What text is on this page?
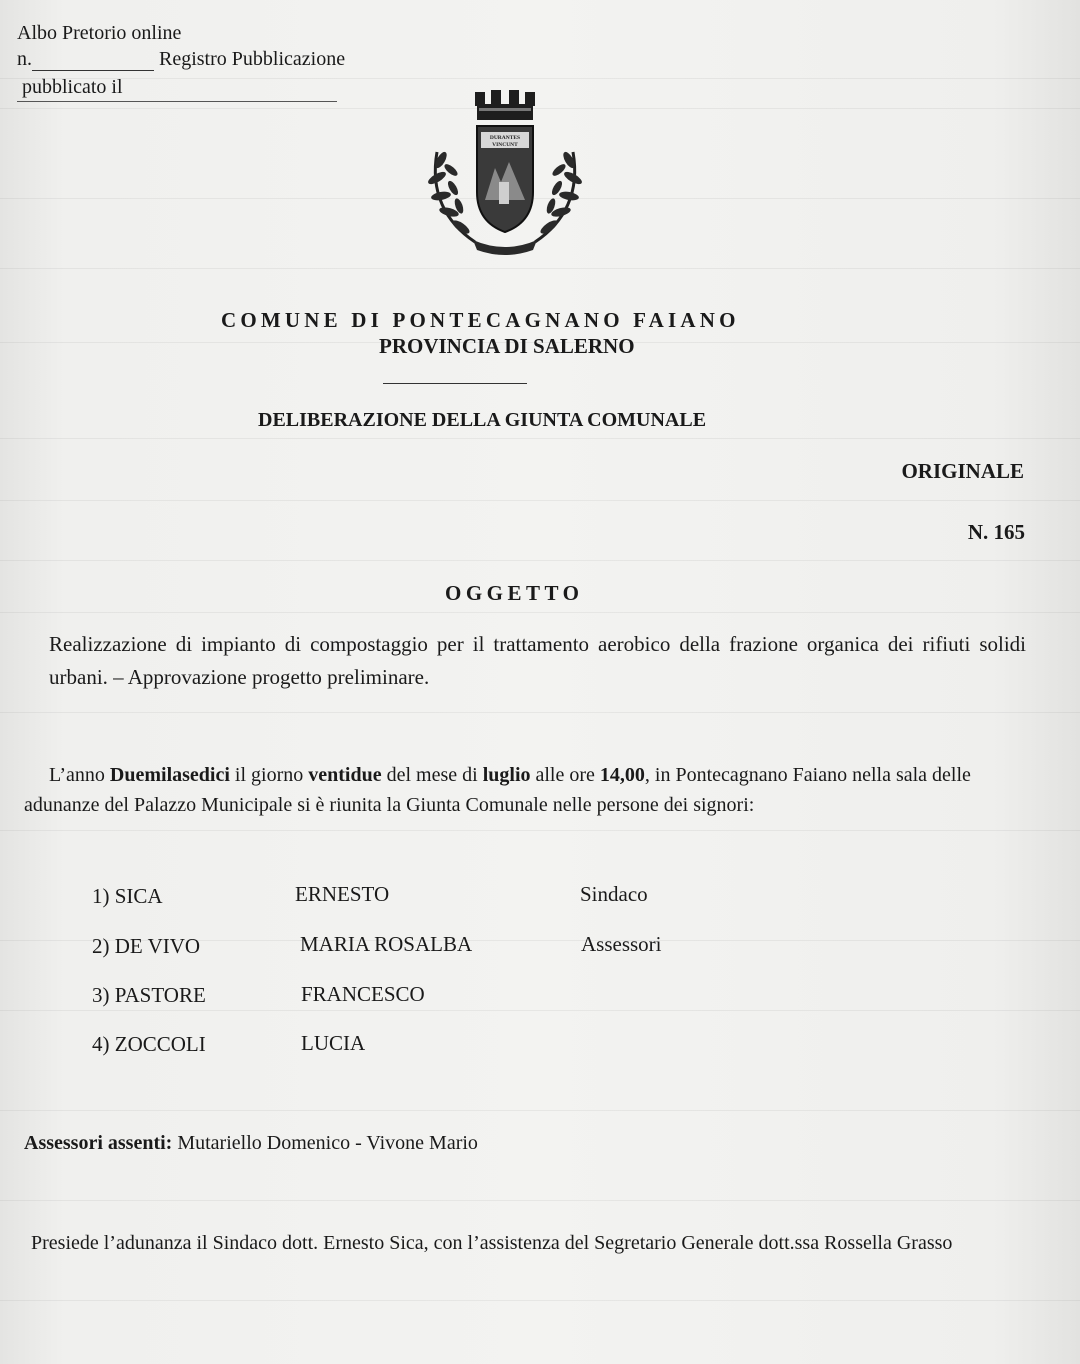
Albo Pretorio online
n.	Registro Pubblicazione
pubblicato il
DURANTES
VINCUNT
COMUNE DI PONTECAGNANO FAIANO
PROVINCIA DI SALERNO
DELIBERAZIONE DELLA GIUNTA COMUNALE
ORIGINALE
N. 165
OGGETTO
Realizzazione di impianto di compostaggio per il trattamento aerobico della frazione organica dei rifiuti solidi urbani. – Approvazione progetto preliminare.
L’anno Duemilasedici il giorno ventidue del mese di luglio alle ore 14,00, in Pontecagnano Faiano nella sala delle adunanze del Palazzo Municipale si è riunita la Giunta Comunale nelle persone dei signori:
1) SICA	ERNESTO	Sindaco
2) DE VIVO	MARIA ROSALBA	Assessori
3) PASTORE	FRANCESCO
4) ZOCCOLI	LUCIA
Assessori assenti: Mutariello Domenico - Vivone Mario
Presiede l’adunanza il Sindaco dott. Ernesto Sica, con l’assistenza del Segretario Generale dott.ssa Rossella Grasso
